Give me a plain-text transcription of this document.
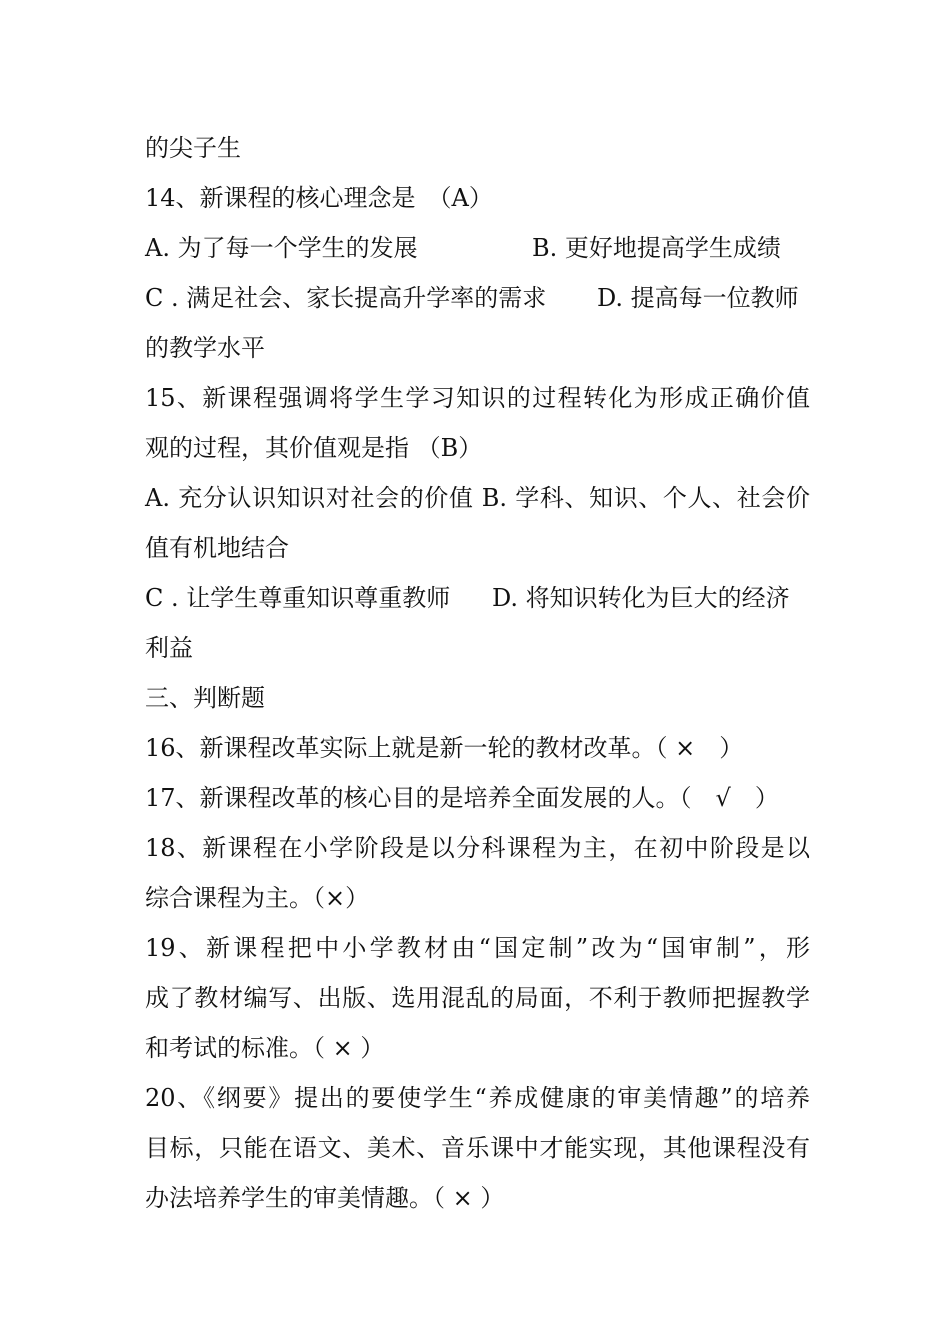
的尖子生
14、新课程的核心理念是　（A）
A. 为了每一个学生的发展	B. 更好地提高学生成绩
C . 满足社会、家长提高升学率的需求 D. 提高每一位教师
的教学水平
15、新课程强调将学生学习知识的过程转化为形成正确价值
观的过程，其价值观是指 （B）
A. 充分认识知识对社会的价值 B. 学科、知识、个人、社会价
值有机地结合
C . 让学生尊重知识尊重教师 D. 将知识转化为巨大的经济
利益
三、判断题
16、新课程改革实际上就是新一轮的教材改革。（ ×　）
17、新课程改革的核心目的是培养全面发展的人。（　√　）
18、新课程在小学阶段是以分科课程为主，在初中阶段是以
综合课程为主。（×）
19、新课程把中小学教材由“国定制”改为“国审制”，形
成了教材编写、出版、选用混乱的局面，不利于教师把握教学
和考试的标准。（ × ）
20、《纲要》提出的要使学生“养成健康的审美情趣”的培养
目标，只能在语文、美术、音乐课中才能实现，其他课程没有
办法培养学生的审美情趣。（ × ）
